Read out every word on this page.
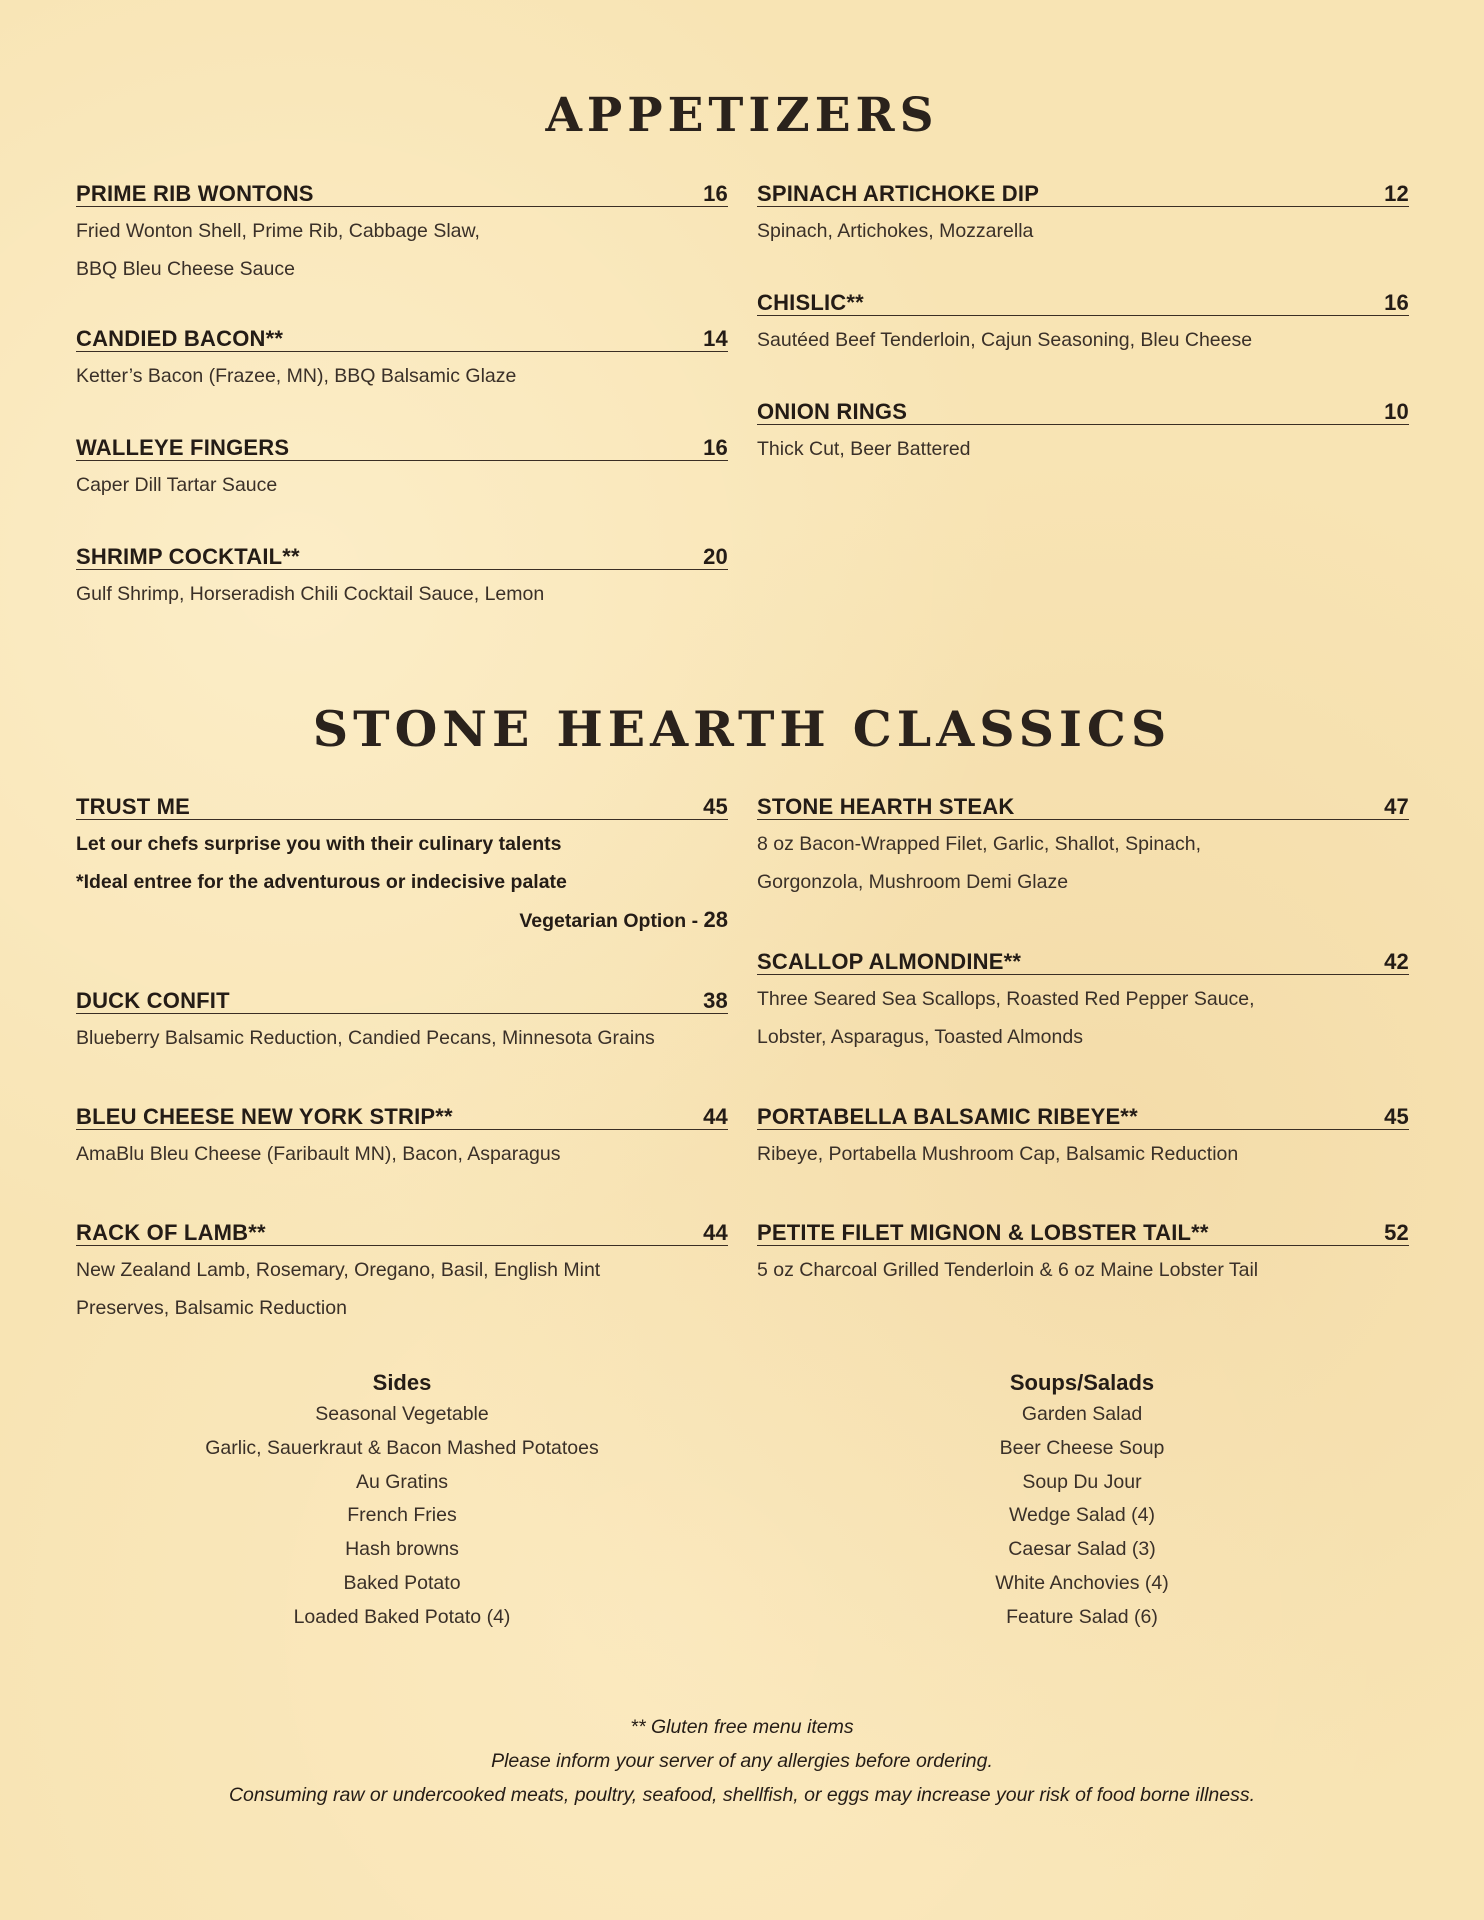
APPETIZERS
PRIME RIB WONTONS	16
Fried Wonton Shell, Prime Rib, Cabbage Slaw,
BBQ Bleu Cheese Sauce
CANDIED BACON**	14
Ketter’s Bacon (Frazee, MN), BBQ Balsamic Glaze
WALLEYE FINGERS	16
Caper Dill Tartar Sauce
SHRIMP COCKTAIL**	20
Gulf Shrimp, Horseradish Chili Cocktail Sauce, Lemon
SPINACH ARTICHOKE DIP	12
Spinach, Artichokes, Mozzarella
CHISLIC**	16
Sautéed Beef Tenderloin, Cajun Seasoning, Bleu Cheese
ONION RINGS	10
Thick Cut, Beer Battered
STONE HEARTH CLASSICS
TRUST ME	45
Let our chefs surprise you with their culinary talents
*Ideal entree for the adventurous or indecisive palate
Vegetarian Option - 28
DUCK CONFIT	38
Blueberry Balsamic Reduction, Candied Pecans, Minnesota Grains
BLEU CHEESE NEW YORK STRIP**	44
AmaBlu Bleu Cheese (Faribault MN), Bacon, Asparagus
RACK OF LAMB**	44
New Zealand Lamb, Rosemary, Oregano, Basil, English Mint
Preserves, Balsamic Reduction
STONE HEARTH STEAK	47
8 oz Bacon-Wrapped Filet, Garlic, Shallot, Spinach,
Gorgonzola, Mushroom Demi Glaze
SCALLOP ALMONDINE**	42
Three Seared Sea Scallops, Roasted Red Pepper Sauce,
Lobster, Asparagus, Toasted Almonds
PORTABELLA BALSAMIC RIBEYE**	45
Ribeye, Portabella Mushroom Cap, Balsamic Reduction
PETITE FILET MIGNON & LOBSTER TAIL**	52
5 oz Charcoal Grilled Tenderloin & 6 oz Maine Lobster Tail
Sides
Seasonal Vegetable
Garlic, Sauerkraut & Bacon Mashed Potatoes
Au Gratins
French Fries
Hash browns
Baked Potato
Loaded Baked Potato (4)
Soups/Salads
Garden Salad
Beer Cheese Soup
Soup Du Jour
Wedge Salad (4)
Caesar Salad (3)
White Anchovies (4)
Feature Salad (6)
** Gluten free menu items
Please inform your server of any allergies before ordering.
Consuming raw or undercooked meats, poultry, seafood, shellfish, or eggs may increase your risk of food borne illness.
